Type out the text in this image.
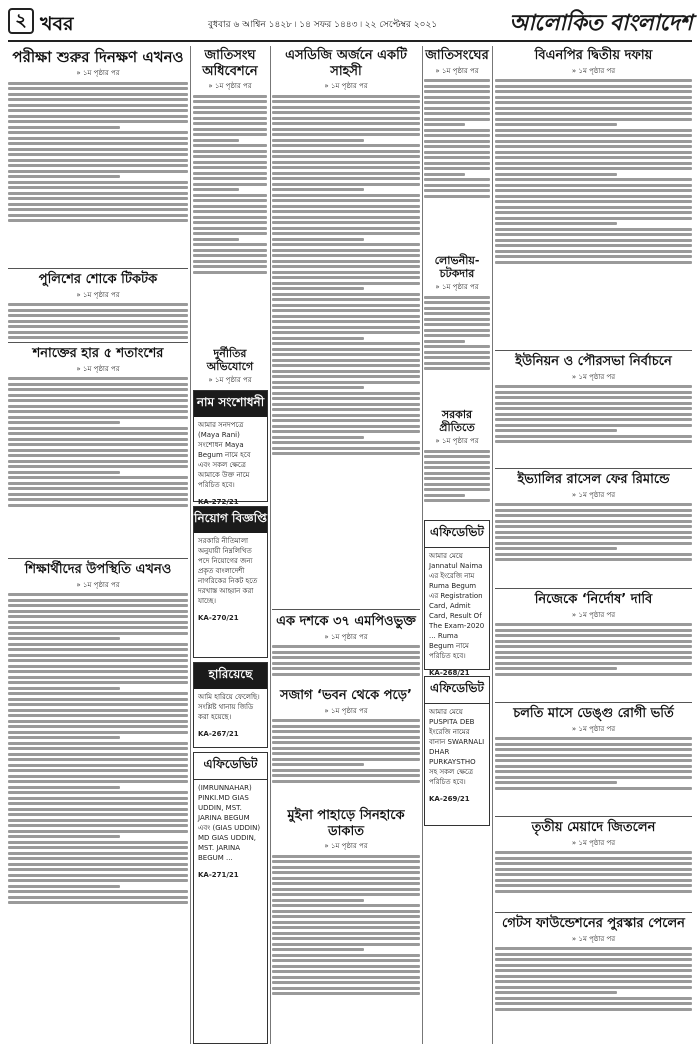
২ খবর	বুধবার ৬ আশ্বিন ১৪২৮ ৷ ১৪ সফর ১৪৪৩ ৷ ২২ সেপ্টেম্বর ২০২১	আলোকিত বাংলাদেশ
পরীক্ষা শুরুর দিনক্ষণ এখনও
» ১ম পৃষ্ঠার পর
পুলিশের শোকে টিকটক
» ১ম পৃষ্ঠার পর
শনাক্তের হার ৫ শতাংশের
» ১ম পৃষ্ঠার পর
শিক্ষার্থীদের উপস্থিতি এখনও
» ১ম পৃষ্ঠার পর
জাতিসংঘ অধিবেশনে
» ১ম পৃষ্ঠার পর
দুর্নীতির অভিযোগে
» ১ম পৃষ্ঠার পর
নাম সংশোধনী
আমার সনদপত্রে (Maya Rani) সংশোধন Maya Begum নামে হবে এবং সকল ক্ষেত্রে আমাকে উক্ত নামে পরিচিত হবে।
KA-272/21
নিয়োগ বিজ্ঞপ্তি
সরকারি নীতিমালা অনুযায়ী নিম্নলিখিত পদে নিয়োগের জন্য প্রকৃত বাংলাদেশী নাগরিকের নিকট হতে দরখাস্ত আহ্বান করা যাচ্ছে।
KA-270/21
হারিয়েছে
আমি হারিয়ে ফেলেছি। সংশ্লিষ্ট থানায় জিডি করা হয়েছে।
KA-267/21
এফিডেভিট
(IMRUNNAHAR) PINKI.MD GIAS UDDIN, MST. JARINA BEGUM এবং (GIAS UDDIN) MD GIAS UDDIN, MST. JARINA BEGUM ...
KA-271/21
এসডিজি অর্জনে একটি সাহসী
» ১ম পৃষ্ঠার পর
এক দশকে ৩৭ এমপিওভুক্ত
» ১ম পৃষ্ঠার পর
সজাগ ‘ভবন থেকে পড়ে’
» ১ম পৃষ্ঠার পর
মুইনা পাহাড়ে সিনহাকে ডাকাত
» ১ম পৃষ্ঠার পর
জাতিসংঘের
» ১ম পৃষ্ঠার পর
লোভনীয়-চটকদার
» ১ম পৃষ্ঠার পর
সরকার প্রীতিতে
» ১ম পৃষ্ঠার পর
এফিডেভিট
আমার মেয়ে Jannatul Naima এর ইংরেজি নাম Ruma Begum এর Registration Card, Admit Card, Result Of The Exam-2020 ... Ruma Begum নামে পরিচিত হবে।
KA-268/21
এফিডেভিট
আমার মেয়ে PUSPITA DEB ইংরেজি নামের বানান SWARNALI DHAR PURKAYSTHO সহ সকল ক্ষেত্রে পরিচিত হবে।
KA-269/21
বিএনপির দ্বিতীয় দফায়
» ১ম পৃষ্ঠার পর
ইউনিয়ন ও পৌরসভা নির্বাচনে
» ১ম পৃষ্ঠার পর
ইভ্যালির রাসেল ফের রিমান্ডে
» ১ম পৃষ্ঠার পর
নিজেকে ‘নির্দোষ’ দাবি
» ১ম পৃষ্ঠার পর
চলতি মাসে ডেঙ্গু রোগী ভর্তি
» ১ম পৃষ্ঠার পর
তৃতীয় মেয়াদে জিতলেন
» ১ম পৃষ্ঠার পর
গেটস ফাউন্ডেশনের পুরস্কার পেলেন
» ১ম পৃষ্ঠার পর
